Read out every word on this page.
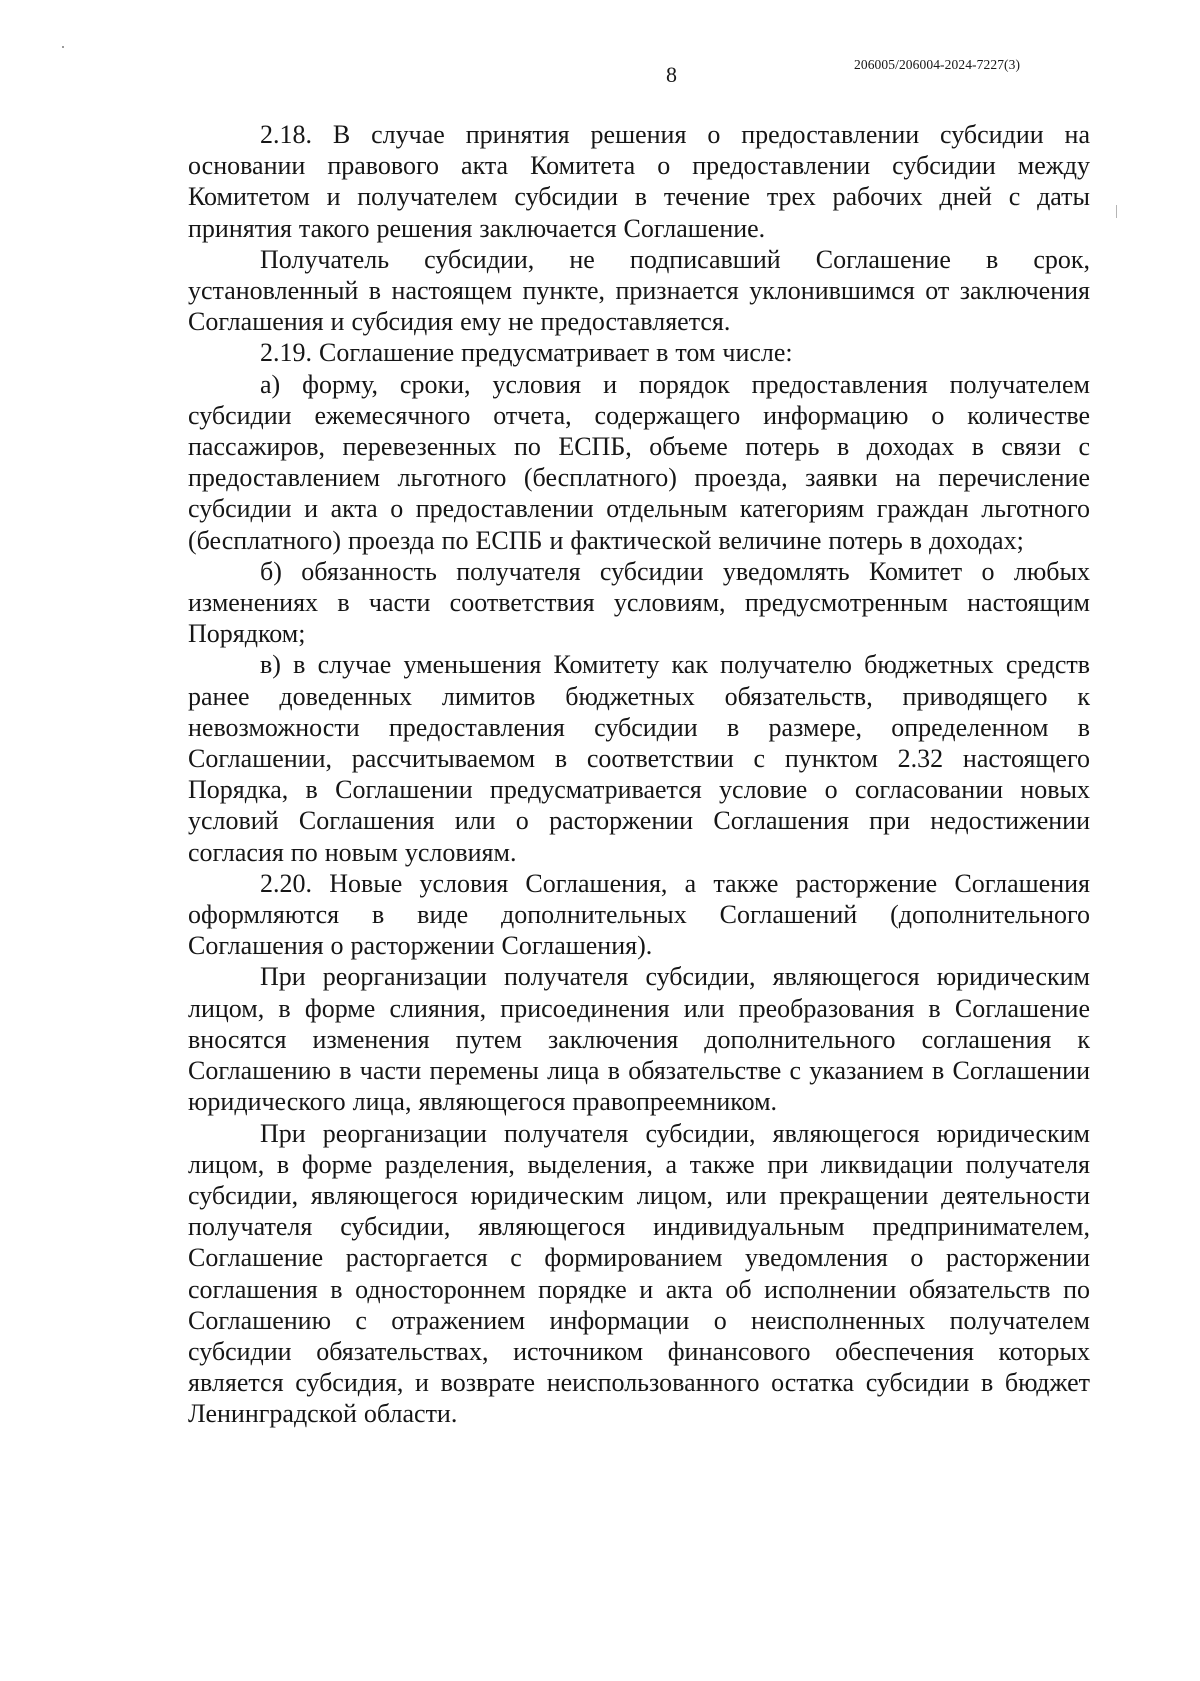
8	206005/206004-2024-7227(3)

2.18. В случае принятия решения о предоставлении субсидии на основании правового акта Комитета о предоставлении субсидии между Комитетом и получателем субсидии в течение трех рабочих дней с даты принятия такого решения заключается Соглашение.

Получатель субсидии, не подписавший Соглашение в срок, установленный в настоящем пункте, признается уклонившимся от заключения Соглашения и субсидия ему не предоставляется.

2.19. Соглашение предусматривает в том числе:

а) форму, сроки, условия и порядок предоставления получателем субсидии ежемесячного отчета, содержащего информацию о количестве пассажиров, перевезенных по ЕСПБ, объеме потерь в доходах в связи с предоставлением льготного (бесплатного) проезда, заявки на перечисление субсидии и акта о предоставлении отдельным категориям граждан льготного (бесплатного) проезда по ЕСПБ и фактической величине потерь в доходах;

б) обязанность получателя субсидии уведомлять Комитет о любых изменениях в части соответствия условиям, предусмотренным настоящим Порядком;

в) в случае уменьшения Комитету как получателю бюджетных средств ранее доведенных лимитов бюджетных обязательств, приводящего к невозможности предоставления субсидии в размере, определенном в Соглашении, рассчитываемом в соответствии с пунктом 2.32 настоящего Порядка, в Соглашении предусматривается условие о согласовании новых условий Соглашения или о расторжении Соглашения при недостижении согласия по новым условиям.

2.20. Новые условия Соглашения, а также расторжение Соглашения оформляются в виде дополнительных Соглашений (дополнительного Соглашения о расторжении Соглашения).

При реорганизации получателя субсидии, являющегося юридическим лицом, в форме слияния, присоединения или преобразования в Соглашение вносятся изменения путем заключения дополнительного соглашения к Соглашению в части перемены лица в обязательстве с указанием в Соглашении юридического лица, являющегося правопреемником.

При реорганизации получателя субсидии, являющегося юридическим лицом, в форме разделения, выделения, а также при ликвидации получателя субсидии, являющегося юридическим лицом, или прекращении деятельности получателя субсидии, являющегося индивидуальным предпринимателем, Соглашение расторгается с формированием уведомления о расторжении соглашения в одностороннем порядке и акта об исполнении обязательств по Соглашению с отражением информации о неисполненных получателем субсидии обязательствах, источником финансового обеспечения которых является субсидия, и возврате неиспользованного остатка субсидии в бюджет Ленинградской области.
